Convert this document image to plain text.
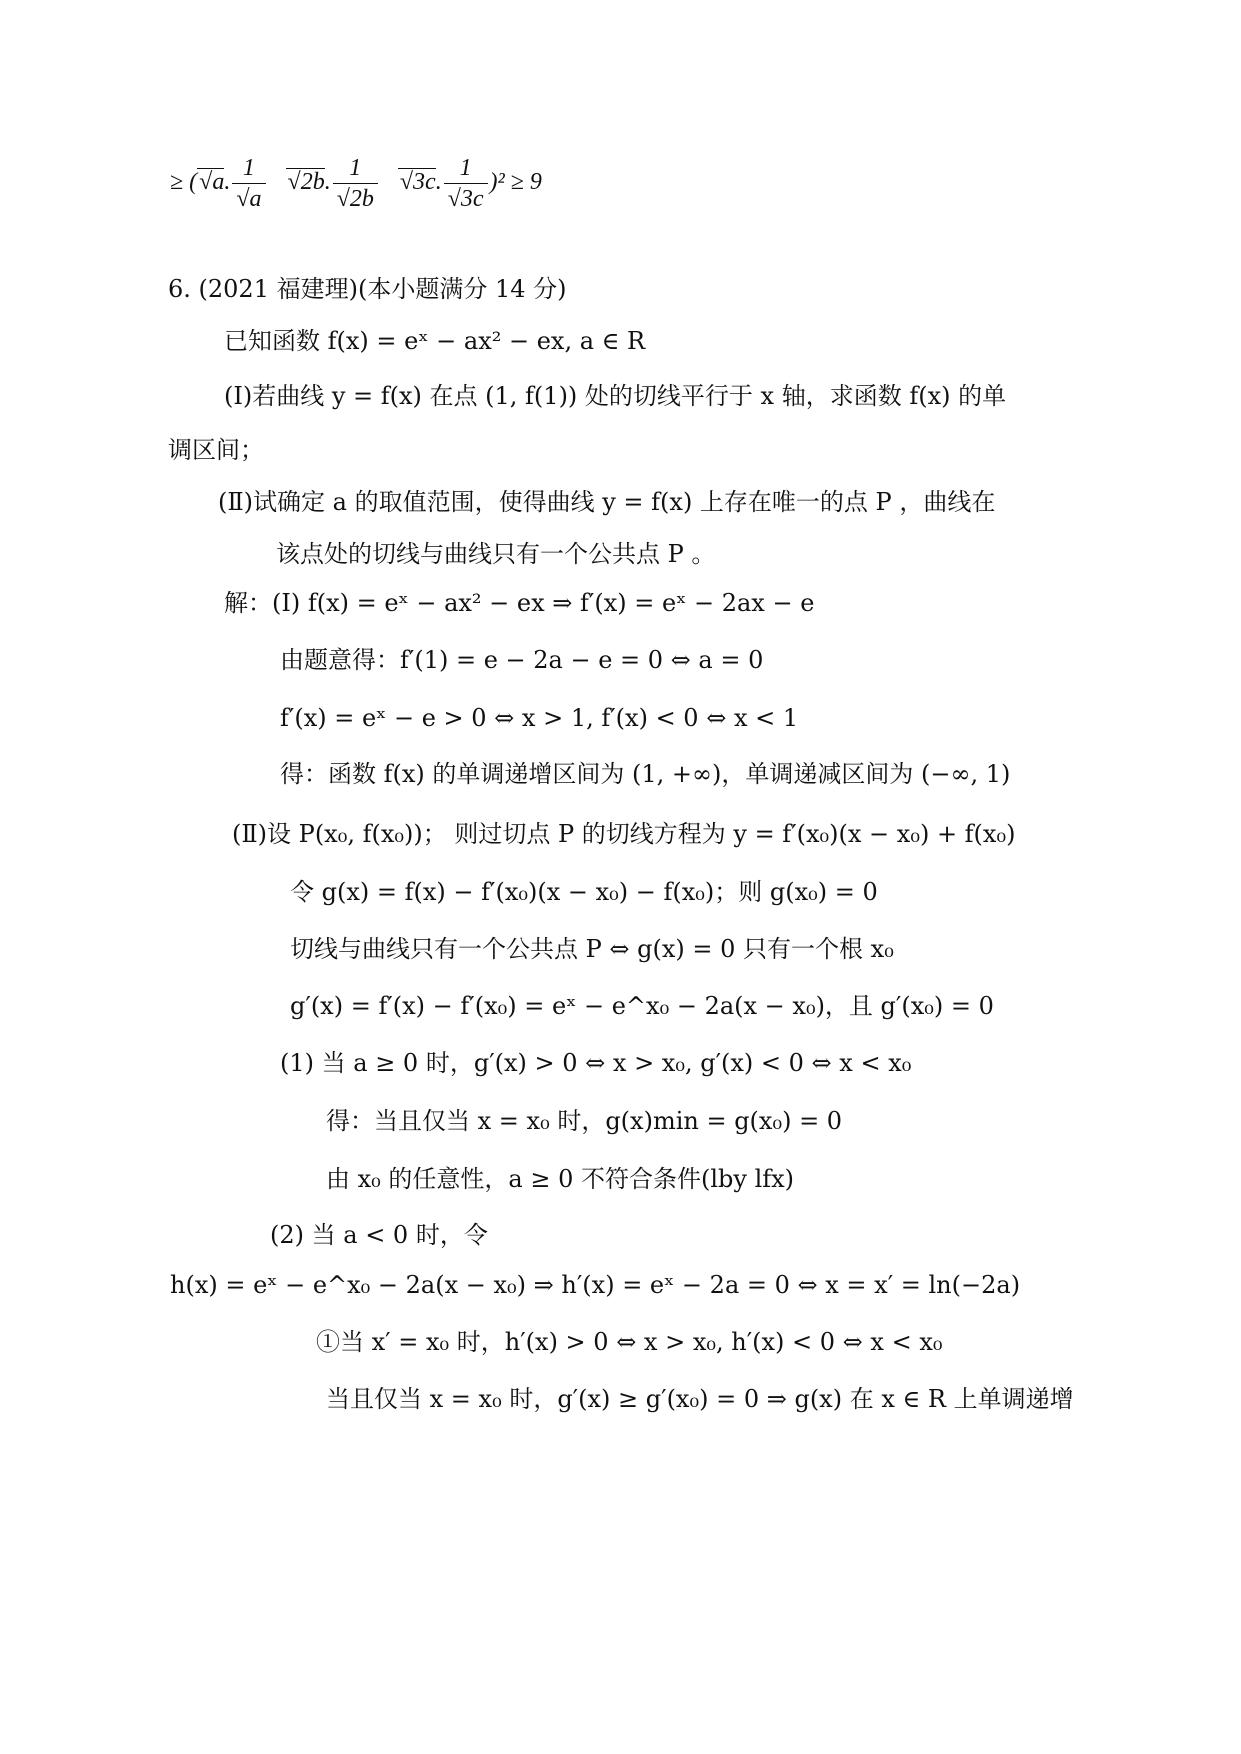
≥ (√a. $\frac{1}{√a} √2b$. $\frac{1}{√2b} √3c$. $\frac{1}{√3c} )^2 \ge 9$
6. (2021 福建理)(本小题满分 14 分)
已知函数 f(x) = eˣ − ax² − ex, a ∈ R
(Ⅰ)若曲线 y = f(x) 在点 (1, f(1)) 处的切线平行于 x 轴，求函数 f(x) 的单
调区间；
(Ⅱ)试确定 a 的取值范围，使得曲线 y = f(x) 上存在唯一的点 P ，曲线在
该点处的切线与曲线只有一个公共点 P 。
解：(Ⅰ) f(x) = eˣ − ax² − ex ⇒ f′(x) = eˣ − 2ax − e
由题意得：f′(1) = e − 2a − e = 0 ⇔ a = 0
f′(x) = eˣ − e > 0 ⇔ x > 1, f′(x) < 0 ⇔ x < 1
得：函数 f(x) 的单调递增区间为 (1, +∞)，单调递减区间为 (−∞, 1)
(Ⅱ)设 P(x₀, f(x₀))； 则过切点 P 的切线方程为 y = f′(x₀)(x − x₀) + f(x₀)
令 g(x) = f(x) − f′(x₀)(x − x₀) − f(x₀)；则 g(x₀) = 0
切线与曲线只有一个公共点 P ⇔ g(x) = 0 只有一个根 x₀
g′(x) = f′(x) − f′(x₀) = eˣ − e^x₀ − 2a(x − x₀)，且 g′(x₀) = 0
(1) 当 a ≥ 0 时，g′(x) > 0 ⇔ x > x₀, g′(x) < 0 ⇔ x < x₀
得：当且仅当 x = x₀ 时，g(x)min = g(x₀) = 0
由 x₀ 的任意性，a ≥ 0 不符合条件(lby lfx)
(2) 当 a < 0 时，令
h(x) = eˣ − e^x₀ − 2a(x − x₀) ⇒ h′(x) = eˣ − 2a = 0 ⇔ x = x′ = ln(−2a)
①当 x′ = x₀ 时，h′(x) > 0 ⇔ x > x₀, h′(x) < 0 ⇔ x < x₀
当且仅当 x = x₀ 时，g′(x) ≥ g′(x₀) = 0 ⇒ g(x) 在 x ∈ R 上单调递增
